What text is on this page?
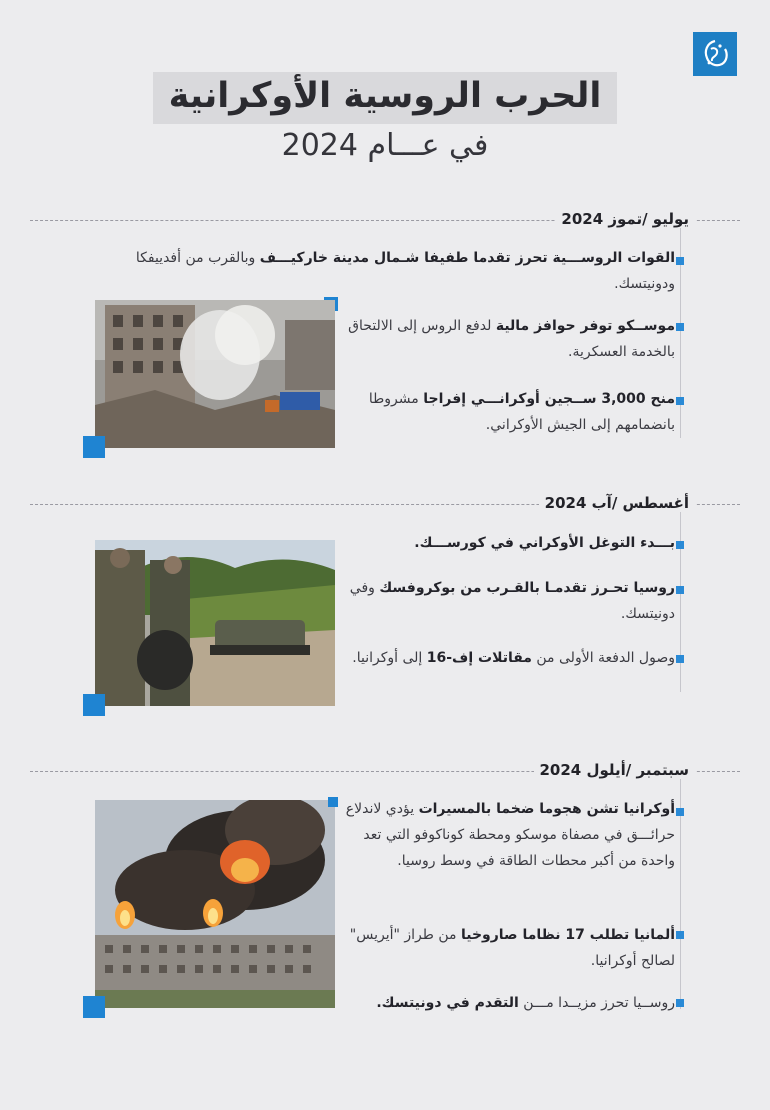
الحرب الروسية الأوكرانية
في عـــام 2024
يوليو /تموز 2024
القوات الروســـية تحرز تقدما طفيفا شـمال مدينة خاركيـــف وبالقرب من أفدييفكا ودونيتسك.
موســكو توفر حوافز مالية لدفع الروس إلى الالتحاق بالخدمة العسكرية.
منح 3,000 ســجين أوكرانـــي إفراجا مشروطا بانضمامهم إلى الجيش الأوكراني.
أغسطس /آب 2024
بـــدء التوغل الأوكراني في كورســـك.
روسيا تحـرز تقدمـا بالقـرب من بوكروفسك وفي دونيتسك.
وصول الدفعة الأولى من مقاتلات إف-16 إلى أوكرانيا.
سبتمبر /أيلول 2024
أوكرانيا تشن هجوما ضخما بالمسيرات يؤدي لاندلاع حرائـــق في مصفاة موسكو ومحطة كوناكوفو التي تعد واحدة من أكبر محطات الطاقة في وسط روسيا.
ألمانيا تطلب 17 نظاما صاروخيا من طراز "أيريس" لصالح أوكرانيا.
روســيا تحرز مزيــدا مـــن التقدم في دونيتسك.
